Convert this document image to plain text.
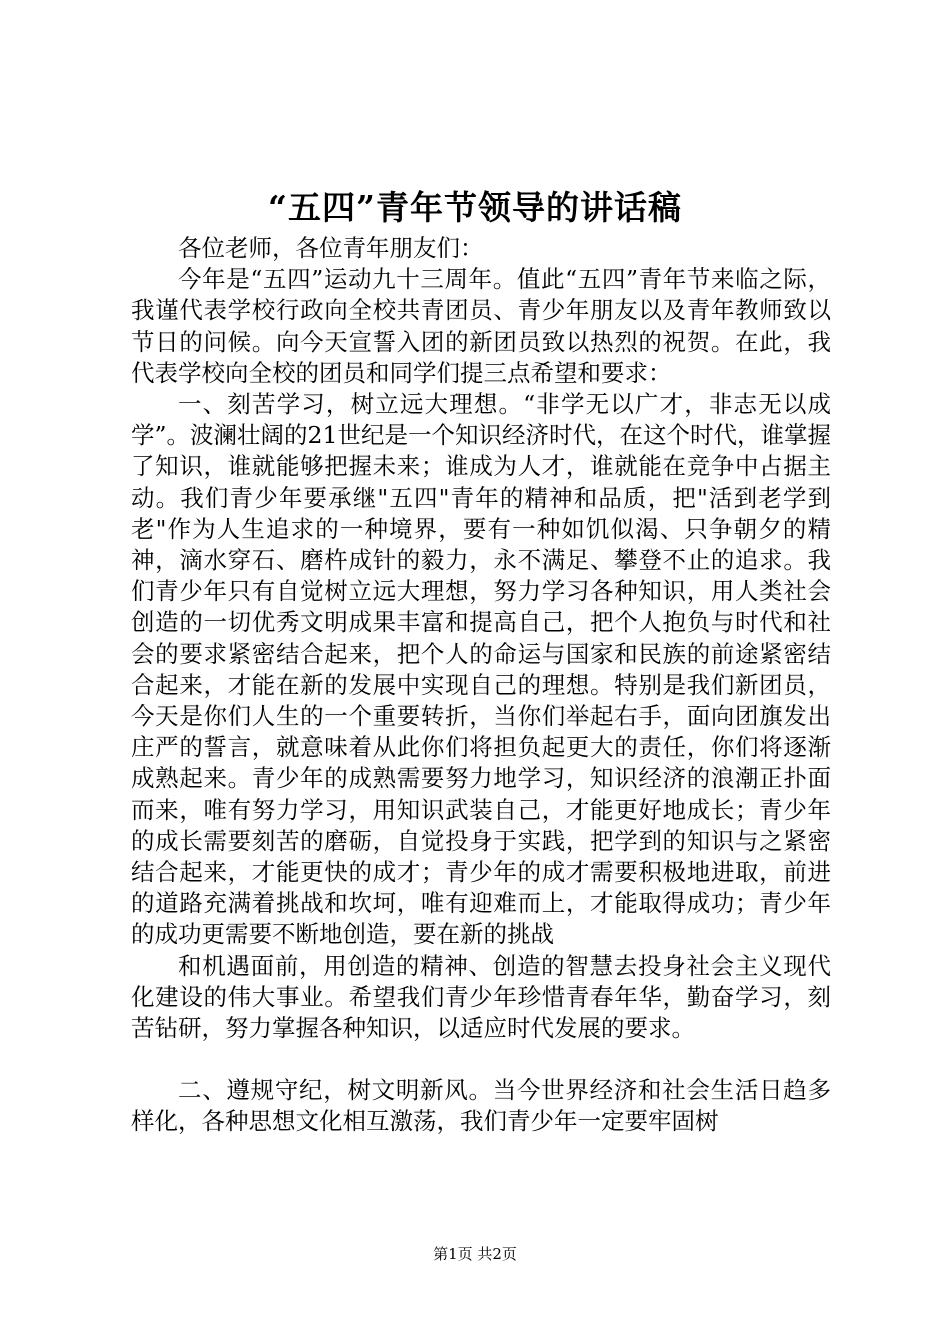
“五四”青年节领导的讲话稿

各位老师，各位青年朋友们：

今年是“五四”运动九十三周年。值此“五四”青年节来临之际，我谨代表学校行政向全校共青团员、青少年朋友以及青年教师致以节日的问候。向今天宣誓入团的新团员致以热烈的祝贺。在此，我代表学校向全校的团员和同学们提三点希望和要求：

一、刻苦学习，树立远大理想。“非学无以广才，非志无以成学”。波澜壮阔的21世纪是一个知识经济时代，在这个时代，谁掌握了知识，谁就能够把握未来；谁成为人才，谁就能在竞争中占据主动。我们青少年要承继"五四"青年的精神和品质，把"活到老学到老"作为人生追求的一种境界，要有一种如饥似渴、只争朝夕的精神，滴水穿石、磨杵成针的毅力，永不满足、攀登不止的追求。我们青少年只有自觉树立远大理想，努力学习各种知识，用人类社会创造的一切优秀文明成果丰富和提高自己，把个人抱负与时代和社会的要求紧密结合起来，把个人的命运与国家和民族的前途紧密结合起来，才能在新的发展中实现自己的理想。特别是我们新团员，今天是你们人生的一个重要转折，当你们举起右手，面向团旗发出庄严的誓言，就意味着从此你们将担负起更大的责任，你们将逐渐成熟起来。青少年的成熟需要努力地学习，知识经济的浪潮正扑面而来，唯有努力学习，用知识武装自己，才能更好地成长；青少年的成长需要刻苦的磨砺，自觉投身于实践，把学到的知识与之紧密结合起来，才能更快的成才；青少年的成才需要积极地进取，前进的道路充满着挑战和坎坷，唯有迎难而上，才能取得成功；青少年的成功更需要不断地创造，要在新的挑战

和机遇面前，用创造的精神、创造的智慧去投身社会主义现代化建设的伟大事业。希望我们青少年珍惜青春年华，勤奋学习，刻苦钻研，努力掌握各种知识，以适应时代发展的要求。

二、遵规守纪，树文明新风。当今世界经济和社会生活日趋多样化，各种思想文化相互激荡，我们青少年一定要牢固树

第1页 共2页
